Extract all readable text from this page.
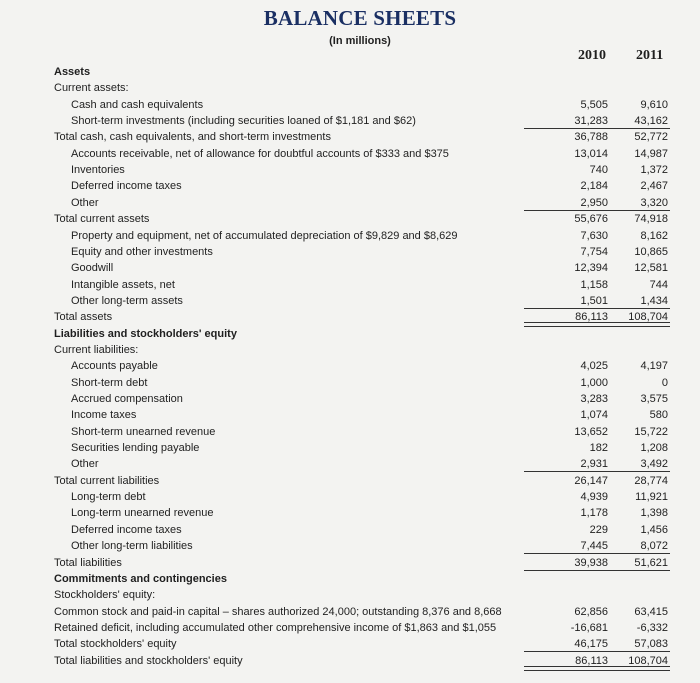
BALANCE SHEETS
(In millions)
2010 2011
Assets
Current assets:
Cash and cash equivalents	5,505	9,610
Short-term investments (including securities loaned of $1,181 and $62)	31,283	43,162
Total cash, cash equivalents, and short-term investments	36,788	52,772
Accounts receivable, net of allowance for doubtful accounts of $333 and $375	13,014	14,987
Inventories	740	1,372
Deferred income taxes	2,184	2,467
Other	2,950	3,320
Total current assets	55,676	74,918
Property and equipment, net of accumulated depreciation of $9,829 and $8,629	7,630	8,162
Equity and other investments	7,754	10,865
Goodwill	12,394	12,581
Intangible assets, net	1,158	744
Other long-term assets	1,501	1,434
Total assets	86,113	108,704
Liabilities and stockholders' equity
Current liabilities:
Accounts payable	4,025	4,197
Short-term debt	1,000	0
Accrued compensation	3,283	3,575
Income taxes	1,074	580
Short-term unearned revenue	13,652	15,722
Securities lending payable	182	1,208
Other	2,931	3,492
Total current liabilities	26,147	28,774
Long-term debt	4,939	11,921
Long-term unearned revenue	1,178	1,398
Deferred income taxes	229	1,456
Other long-term liabilities	7,445	8,072
Total liabilities	39,938	51,621
Commitments and contingencies
Stockholders' equity:
Common stock and paid-in capital – shares authorized 24,000; outstanding 8,376 and 8,668	62,856	63,415
Retained deficit, including accumulated other comprehensive income of $1,863 and $1,055	-16,681	-6,332
Total stockholders' equity	46,175	57,083
Total liabilities and stockholders' equity	86,113	108,704
